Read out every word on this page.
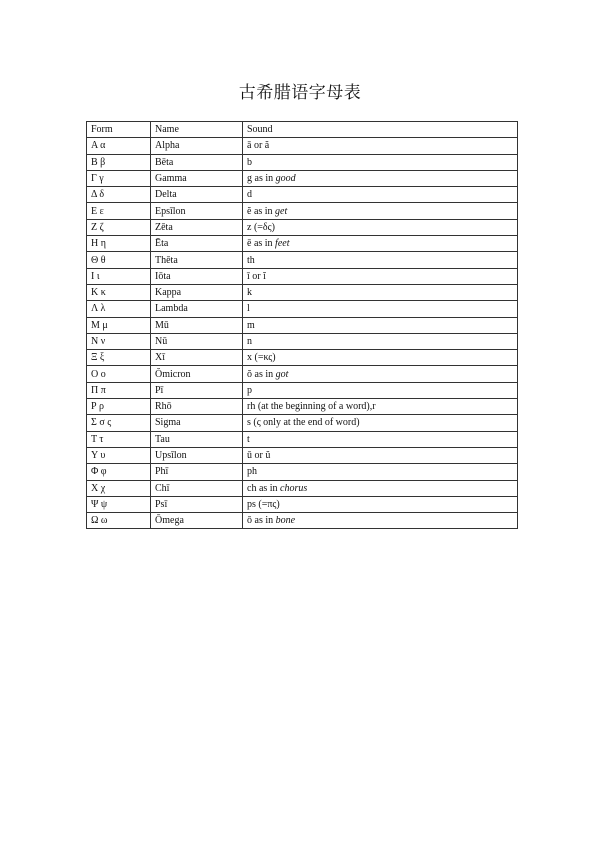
古希腊语字母表
Form	Name	Sound
Α α	Alpha	ā or ă
Β β	Bēta	b
Γ γ	Gamma	g as in good
Δ δ	Delta	d
Ε ε	Epsīlon	ĕ as in get
Ζ ζ	Zēta	z (=δς)
Η η	Ēta	ē as in feet
Θ θ	Thēta	th
Ι ι	Iōta	ī or ĭ
Κ κ	Kappa	k
Λ λ	Lambda	l
Μ μ	Mū	m
Ν ν	Nū	n
Ξ ξ	Xī	x (=κς)
Ο ο	Ŏmicron	ŏ as in got
Π π	Pī	p
Ρ ρ	Rhō	rh (at the beginning of a word),r
Σ σ ς	Sigma	s (ς only at the end of word)
Τ τ	Tau	t
Υ υ	Upsīlon	ū or ŭ
Φ φ	Phī	ph
Χ χ	Chī	ch as in chorus
Ψ ψ	Psī	ps (=πς)
Ω ω	Ōmega	ō as in bone
